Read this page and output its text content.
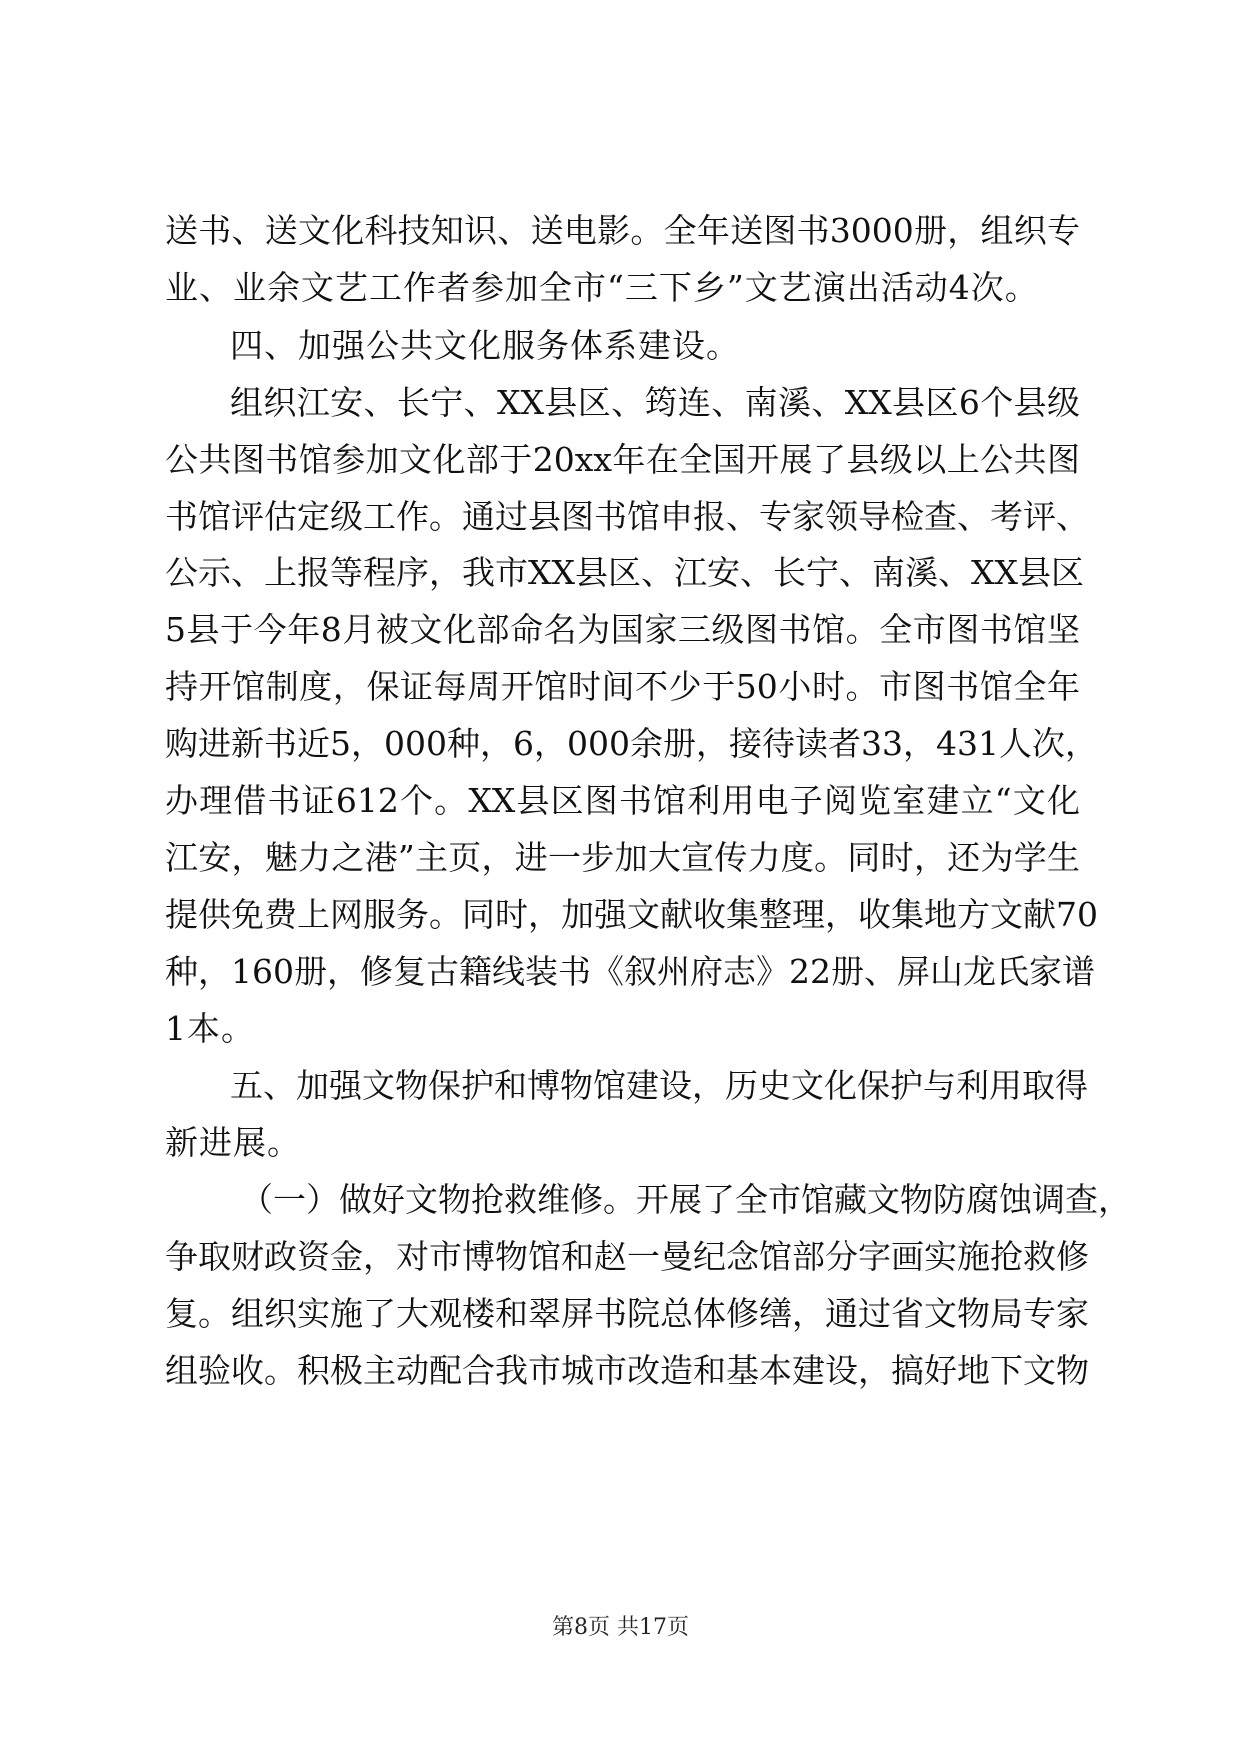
送书、送文化科技知识、送电影。全年送图书3000册，组织专
业、业余文艺工作者参加全市“三下乡”文艺演出活动4次。
四、加强公共文化服务体系建设。
组织江安、长宁、XX县区、筠连、南溪、XX县区6个县级
公共图书馆参加文化部于20xx年在全国开展了县级以上公共图
书馆评估定级工作。通过县图书馆申报、专家领导检查、考评、
公示、上报等程序，我市XX县区、江安、长宁、南溪、XX县区
5县于今年8月被文化部命名为国家三级图书馆。全市图书馆坚
持开馆制度，保证每周开馆时间不少于50小时。市图书馆全年
购进新书近5，000种，6，000余册，接待读者33，431人次，
办理借书证612个。XX县区图书馆利用电子阅览室建立“文化
江安，魅力之港”主页，进一步加大宣传力度。同时，还为学生
提供免费上网服务。同时，加强文献收集整理，收集地方文献70
种，160册，修复古籍线装书《叙州府志》22册、屏山龙氏家谱
1本。
五、加强文物保护和博物馆建设，历史文化保护与利用取得
新进展。
（一）做好文物抢救维修。开展了全市馆藏文物防腐蚀调查，
争取财政资金，对市博物馆和赵一曼纪念馆部分字画实施抢救修
复。组织实施了大观楼和翠屏书院总体修缮，通过省文物局专家
组验收。积极主动配合我市城市改造和基本建设，搞好地下文物
第8页 共17页
